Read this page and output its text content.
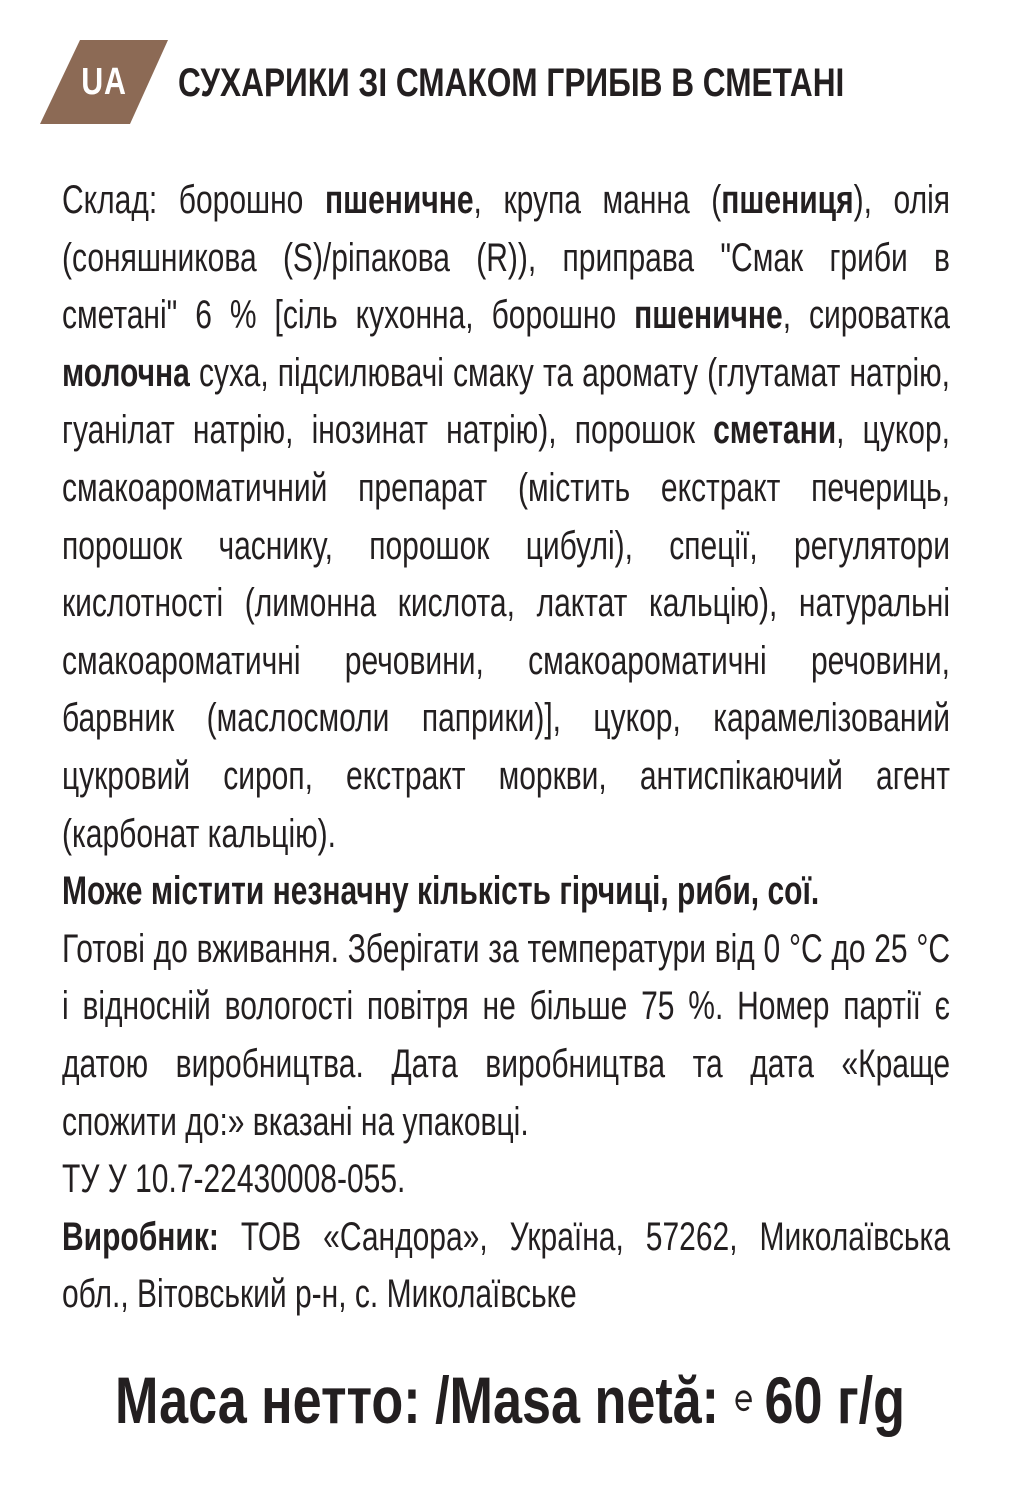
UA	СУХАРИКИ ЗІ СМАКОМ ГРИБІВ В СМЕТАНІ

Склад: борошно пшеничне, крупа манна (пшениця), олія (соняшникова (S)/ріпакова (R)), приправа "Смак гриби в сметані" 6 % [сіль кухонна, борошно пшеничне, сироватка молочна суха, підсилювачі смаку та аромату (глутамат натрію, гуанілат натрію, інозинат натрію), порошок сметани, цукор, смакоароматичний препарат (містить екстракт печериць, порошок часнику, порошок цибулі), спеції, регулятори кислотності (лимонна кислота, лактат кальцію), натуральні смакоароматичні речовини, смакоароматичні речовини, барвник (маслосмоли паприки)], цукор, карамелізований цукровий сироп, екстракт моркви, антиспікаючий агент (карбонат кальцію).

Може містити незначну кількість гірчиці, риби, сої.

Готові до вживання. Зберігати за температури від 0 °С до 25 °С і відносній вологості повітря не більше 75 %. Номер партії є датою виробництва. Дата виробництва та дата «Краще спожити до:» вказані на упаковці.

ТУ У 10.7-22430008-055.

Виробник: ТОВ «Сандора», Україна, 57262, Миколаївська обл., Вітовський р-н, с. Миколаївське

Маса нетто: /Masa netă: 60 г/g
